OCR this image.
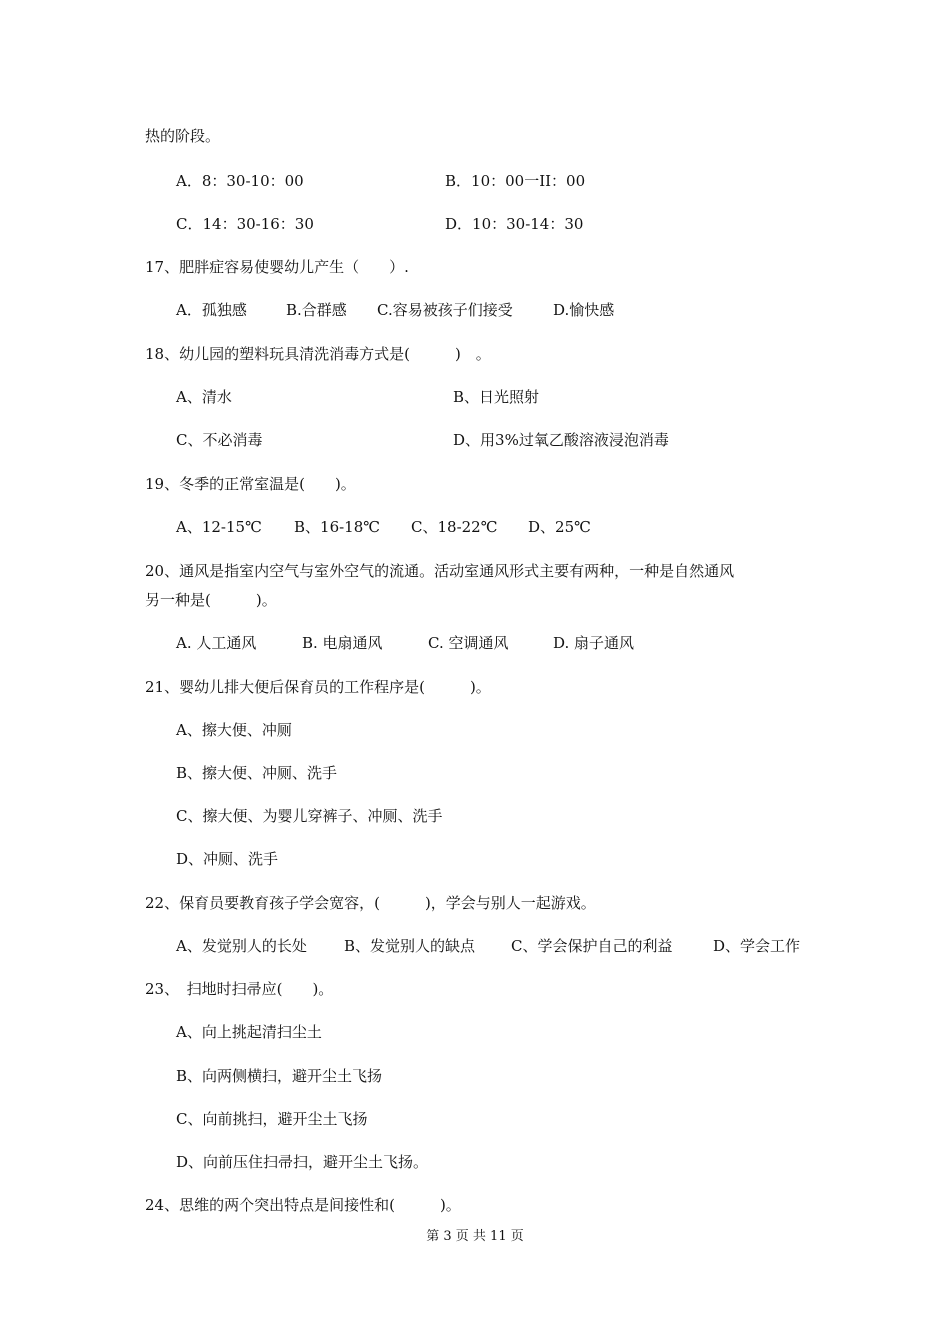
热的阶段。
A．8：30-10：00	B．10：00一II：00
C．14：30-16：30	D．10：30-14：30
17、肥胖症容易使婴幼儿产生（　　）.
A．孤独感	B.合群感 C.容易被孩子们接受	D.愉快感
18、幼儿园的塑料玩具清洗消毒方式是(　　　)　。
A、清水	B、日光照射
C、不必消毒	D、用3%过氧乙酸溶液浸泡消毒
19、冬季的正常室温是(　　)。
A、12-15℃ B、16-18℃ C、18-22℃ D、25℃
20、通风是指室内空气与室外空气的流通。活动室通风形式主要有两种，一种是自然通风
另一种是(　　　)。
A. 人工通风	B. 电扇通风	C. 空调通风	D. 扇子通风
21、婴幼儿排大便后保育员的工作程序是(　　　)。
A、擦大便、冲厕
B、擦大便、冲厕、洗手
C、擦大便、为婴儿穿裤子、冲厕、洗手
D、冲厕、洗手
22、保育员要教育孩子学会宽容，(　　　)，学会与别人一起游戏。
A、发觉别人的长处 B、发觉别人的缺点 C、学会保护自己的利益	D、学会工作
23、　扫地时扫帚应(　　)。
A、向上挑起清扫尘土
B、向两侧横扫，避开尘土飞扬
C、向前挑扫，避开尘土飞扬
D、向前压住扫帚扫，避开尘土飞扬。
24、思维的两个突出特点是间接性和(　　　)。
第 3 页 共 11 页
